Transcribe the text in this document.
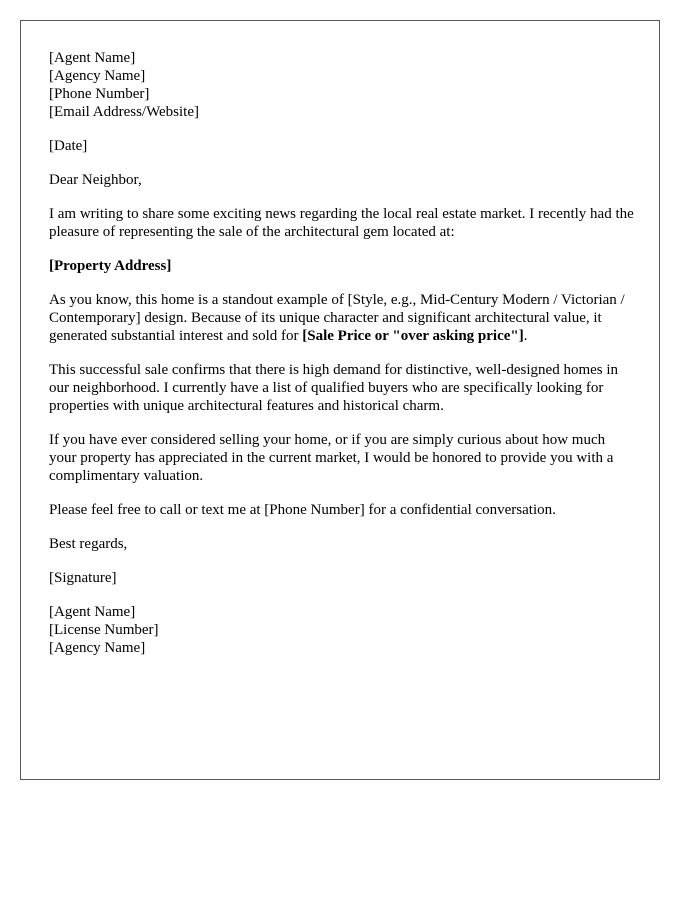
[Agent Name]
[Agency Name]
[Phone Number]
[Email Address/Website]

[Date]

Dear Neighbor,

I am writing to share some exciting news regarding the local real estate market. I recently had the pleasure of representing the sale of the architectural gem located at:

[Property Address]

As you know, this home is a standout example of [Style, e.g., Mid-Century Modern / Victorian / Contemporary] design. Because of its unique character and significant architectural value, it generated substantial interest and sold for [Sale Price or "over asking price"].

This successful sale confirms that there is high demand for distinctive, well-designed homes in our neighborhood. I currently have a list of qualified buyers who are specifically looking for properties with unique architectural features and historical charm.

If you have ever considered selling your home, or if you are simply curious about how much your property has appreciated in the current market, I would be honored to provide you with a complimentary valuation.

Please feel free to call or text me at [Phone Number] for a confidential conversation.

Best regards,

[Signature]

[Agent Name]
[License Number]
[Agency Name]
